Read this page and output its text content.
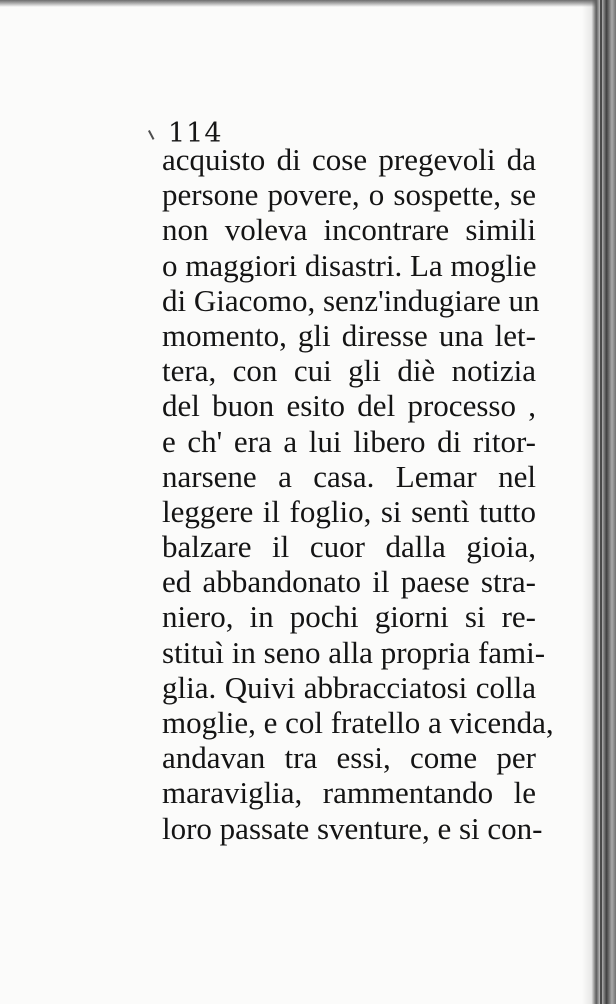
114
acquisto di cose pregevoli da
persone povere, o sospette, se
non voleva incontrare simili
o maggiori disastri. La moglie
di Giacomo, senz'indugiare un
momento, gli diresse una let-
tera, con cui gli diè notizia
del buon esito del processo ,
e ch' era a lui libero di ritor-
narsene a casa. Lemar nel
leggere il foglio, si sentì tutto
balzare il cuor dalla gioia,
ed abbandonato il paese stra-
niero, in pochi giorni si re-
stituì in seno alla propria fami-
glia. Quivi abbracciatosi colla
moglie, e col fratello a vicenda,
andavan tra essi, come per
maraviglia, rammentando le
loro passate sventure, e si con-
